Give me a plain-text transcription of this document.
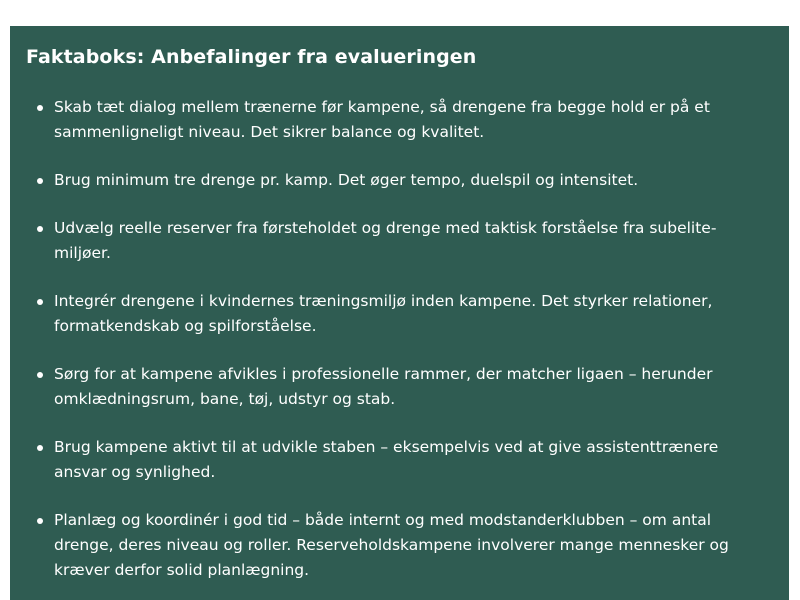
Faktaboks: Anbefalinger fra evalueringen
Skab tæt dialog mellem trænerne før kampene, så drengene fra begge hold er på et sammenligneligt niveau. Det sikrer balance og kvalitet.
Brug minimum tre drenge pr. kamp. Det øger tempo, duelspil og intensitet.
Udvælg reelle reserver fra førsteholdet og drenge med taktisk forståelse fra subelite-miljøer.
Integrér drengene i kvindernes træningsmiljø inden kampene. Det styrker relationer, formatkendskab og spilforståelse.
Sørg for at kampene afvikles i professionelle rammer, der matcher ligaen – herunder omklædningsrum, bane, tøj, udstyr og stab.
Brug kampene aktivt til at udvikle staben – eksempelvis ved at give assistenttrænere ansvar og synlighed.
Planlæg og koordinér i god tid – både internt og med modstanderklubben – om antal drenge, deres niveau og roller. Reserveholdskampene involverer mange mennesker og kræver derfor solid planlægning.
